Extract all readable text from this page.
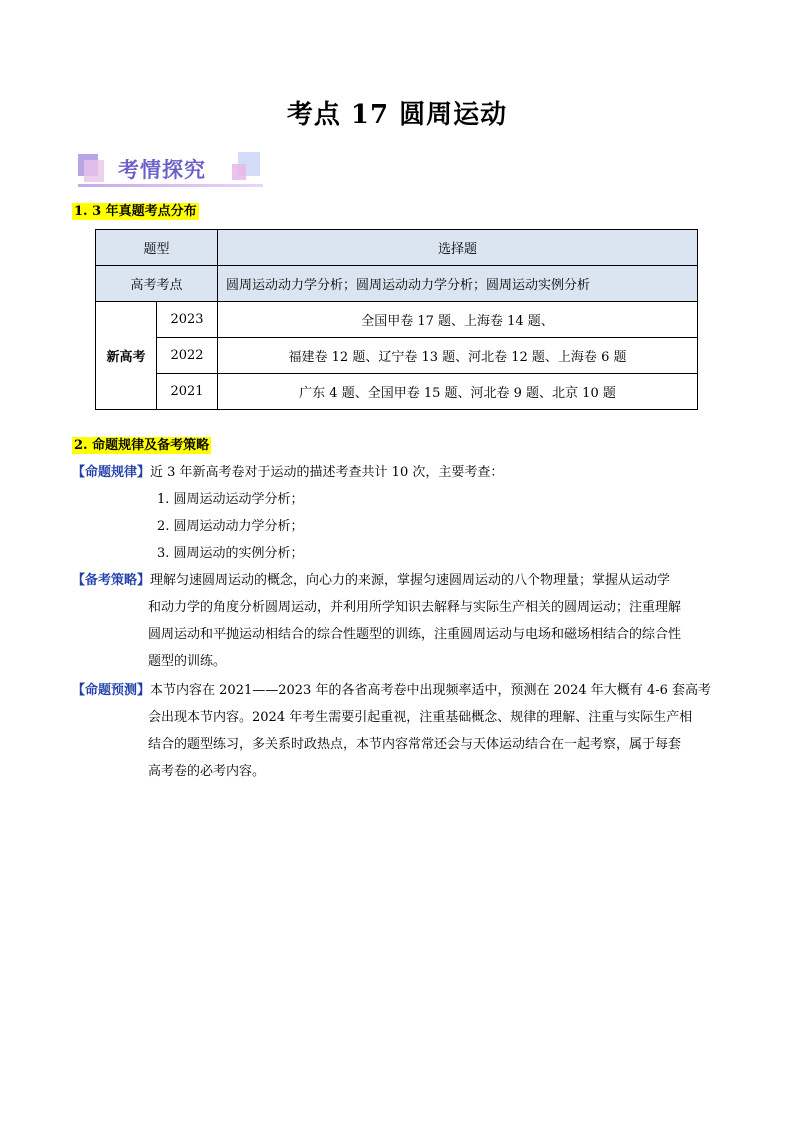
考点 17 圆周运动
考情探究
1. 3 年真题考点分布
题型		选择题
高考考点		圆周运动动力学分析；圆周运动动力学分析；圆周运动实例分析
新高考	2023	全国甲卷 17 题、上海卷 14 题、
	2022	福建卷 12 题、辽宁卷 13 题、河北卷 12 题、上海卷 6 题
	2021	广东 4 题、全国甲卷 15 题、河北卷 9 题、北京 10 题
2. 命题规律及备考策略
【命题规律】近 3 年新高考卷对于运动的描述考查共计 10 次，主要考查：
1. 圆周运动运动学分析；
2. 圆周运动动力学分析；
3. 圆周运动的实例分析；
【备考策略】理解匀速圆周运动的概念，向心力的来源，掌握匀速圆周运动的八个物理量；掌握从运动学
和动力学的角度分析圆周运动，并利用所学知识去解释与实际生产相关的圆周运动；注重理解
圆周运动和平抛运动相结合的综合性题型的训练，注重圆周运动与电场和磁场相结合的综合性
题型的训练。
【命题预测】本节内容在 2021——2023 年的各省高考卷中出现频率适中，预测在 2024 年大概有 4-6 套高考
会出现本节内容。2024 年考生需要引起重视，注重基础概念、规律的理解、注重与实际生产相
结合的题型练习，多关系时政热点，本节内容常常还会与天体运动结合在一起考察，属于每套
高考卷的必考内容。
